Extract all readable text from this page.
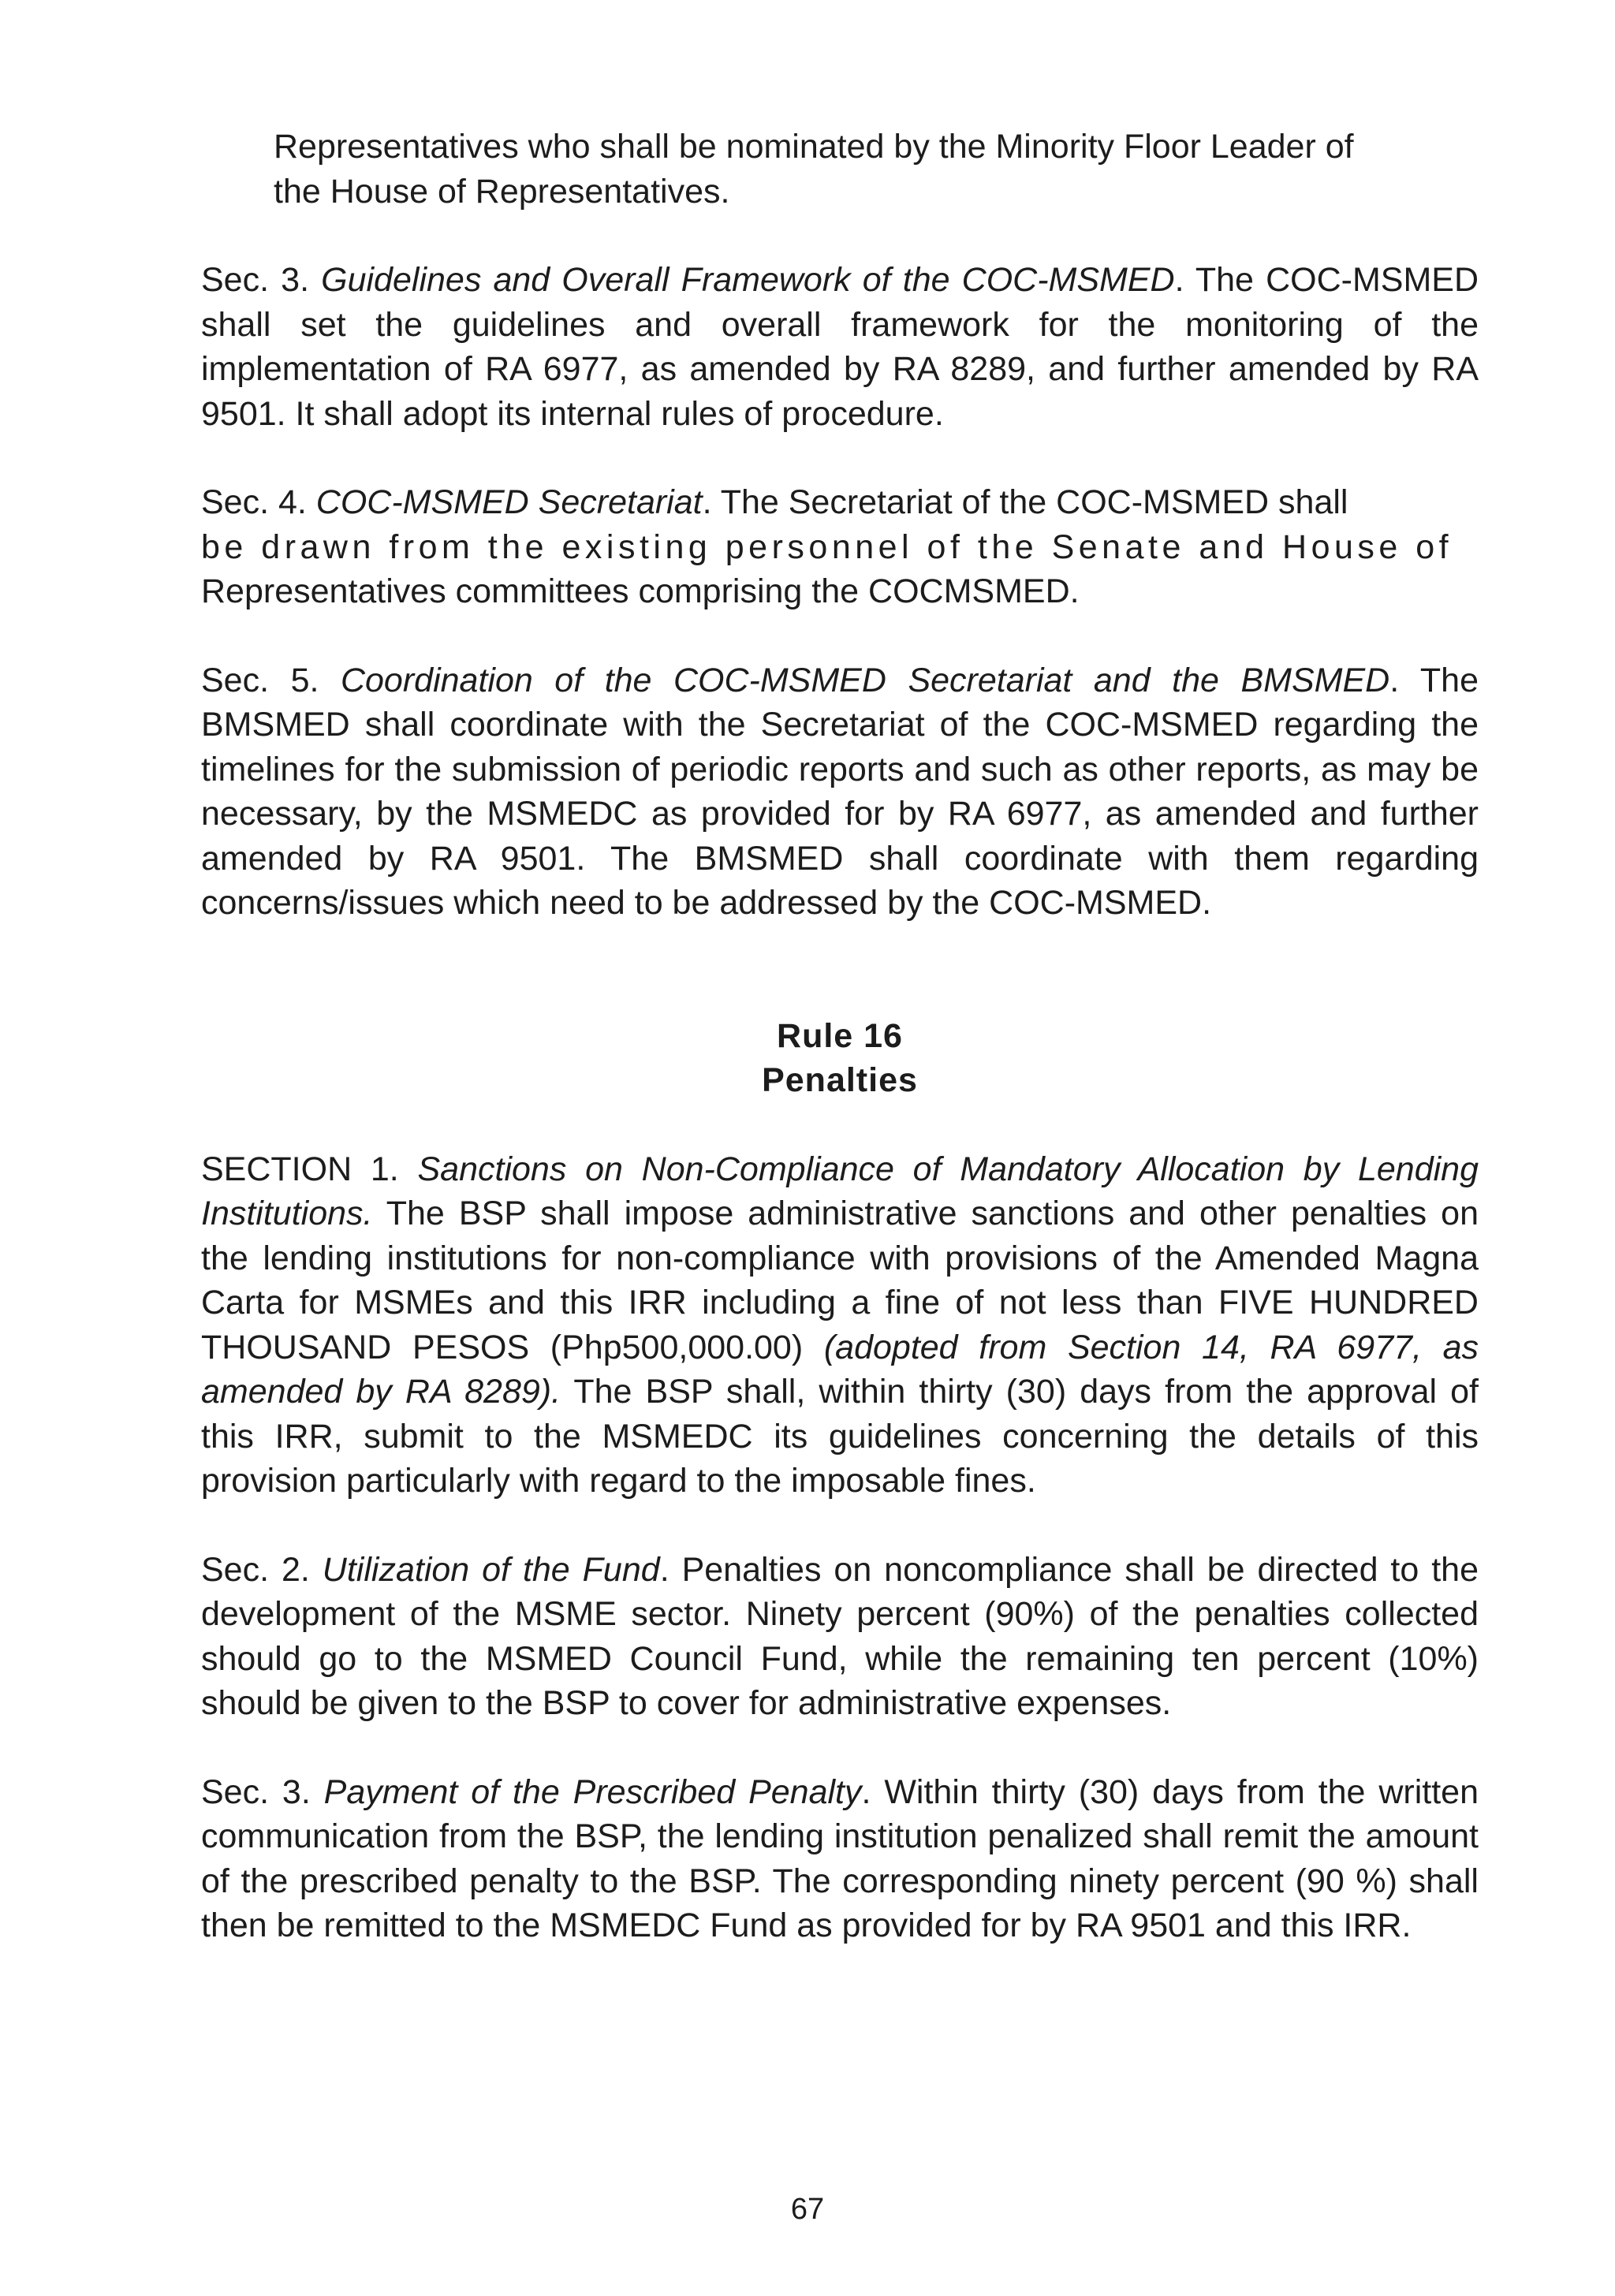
Representatives who shall be nominated by the Minority Floor Leader of
the House of Representatives.

Sec. 3. Guidelines and Overall Framework of the COC-MSMED. The COC-MSMED shall set the guidelines and overall framework for the monitoring of the implementation of RA 6977, as amended by RA 8289, and further amended by RA 9501. It shall adopt its internal rules of procedure.

Sec. 4. COC-MSMED Secretariat. The Secretariat of the COC-MSMED shall
be drawn from the existing personnel of the Senate and House of
Representatives committees comprising the COCMSMED.

Sec. 5. Coordination of the COC-MSMED Secretariat and the BMSMED. The BMSMED shall coordinate with the Secretariat of the COC-MSMED regarding the timelines for the submission of periodic reports and such as other reports, as may be necessary, by the MSMEDC as provided for by RA 6977, as amended and further amended by RA 9501. The BMSMED shall coordinate with them regarding concerns/issues which need to be addressed by the COC-MSMED.

Rule 16
Penalties

SECTION 1. Sanctions on Non-Compliance of Mandatory Allocation by Lending Institutions. The BSP shall impose administrative sanctions and other penalties on the lending institutions for non-compliance with provisions of the Amended Magna Carta for MSMEs and this IRR including a fine of not less than FIVE HUNDRED THOUSAND PESOS (Php500,000.00) (adopted from Section 14, RA 6977, as amended by RA 8289). The BSP shall, within thirty (30) days from the approval of this IRR, submit to the MSMEDC its guidelines concerning the details of this provision particularly with regard to the imposable fines.

Sec. 2. Utilization of the Fund. Penalties on noncompliance shall be directed to the development of the MSME sector. Ninety percent (90%) of the penalties collected should go to the MSMED Council Fund, while the remaining ten percent (10%) should be given to the BSP to cover for administrative expenses.

Sec. 3. Payment of the Prescribed Penalty. Within thirty (30) days from the written communication from the BSP, the lending institution penalized shall remit the amount of the prescribed penalty to the BSP. The corresponding ninety percent (90 %) shall then be remitted to the MSMEDC Fund as provided for by RA 9501 and this IRR.

67
